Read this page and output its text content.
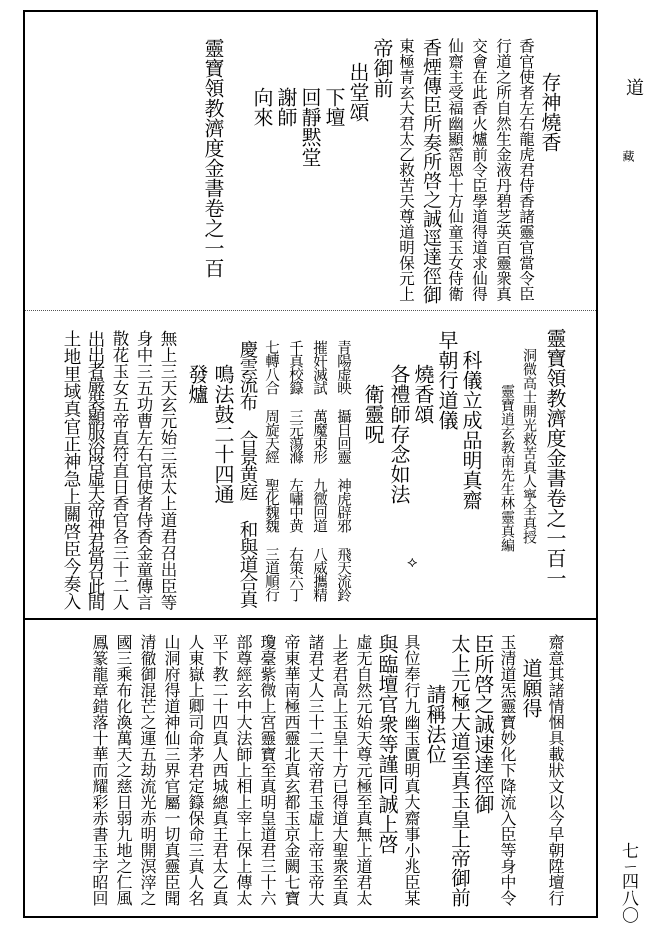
道
藏
七ㄧ四八〇
存神燒香
香官使者左右龍虎君侍香諸靈官當令臣
行道之所自然生金液丹碧芝英百靈衆真
交會在此香火爐前令臣學道得道求仙得
仙齋主受福幽顯霑恩十方仙童玉女侍衛
香煙傳臣所奏所啓之誠逕達徑御
東極青玄大君太乙救苦天尊道明保元上
帝御前
出堂頌
下壇
回靜黙堂
謝師
向來
靈寶領教濟度金書卷之一百
靈寶領教濟度金書卷之一百一
洞微高士開光救苦真人寧全真授
靈寶逍玄教南先生林靈真編
科儀立成品明真齋
早朝行道儀
燒香頌
各禮師存念如法
衛靈呪
⟡
青陽虚映 攝日回靈 神虎辟邪 飛天流鈴
摧奸滅試 萬魔束形 九微回道 八威攜精
千真校籙 三元蕩滌 左嘯中黄 右策六丁
七轉八合 周旋天經 聖化魏魏 三道順行
慶雲流布 合景黄庭 和與道合真
鳴法鼓二十四通
發爐
無上三天玄元始三炁太上道君召出臣等
身中三五功曹左右官使者侍香金童傳言
散花玉女五帝直符直日香官各三十二人
出出者嚴裝顯服浴啓虛天帝神君當召此間
土地里域真官正神急上關啓臣今奏入
齋意其諸情悃具載狀文以今早朝陞壇行
道願得
玉清道炁靈寶妙化下降流入臣等身中令
臣所啓之誠速達徑御
太上元極大道至真玉皇上帝御前
請稱法位
具位奉行九幽玉匱明真大齋事小兆臣某
與臨壇官衆等謹同誠上啓
虛无自然元始天尊元極至真無上道君太
上老君高上玉皇十方已得道大聖衆至真
諸君丈人三十二天帝君玉虛上帝玉帝大
帝東華南極西靈北真玄都玉京金闕七寶
瓊臺紫微上宮靈寶至真明皇道君三十六
部尊經玄中大法師上相上宰上保上傳太
平下教二十四真人西城總真王君太乙真
人東嶽上卿司命茅君定籙保命三真人名
山洞府得道神仙三界官屬一切真靈臣聞
清徹御混芒之運五劫流光赤明開溟滓之
國三乘布化渙萬天之慈日弱九地之仁風
鳳篆龍章錯落十華而耀彩赤書玉字昭回
